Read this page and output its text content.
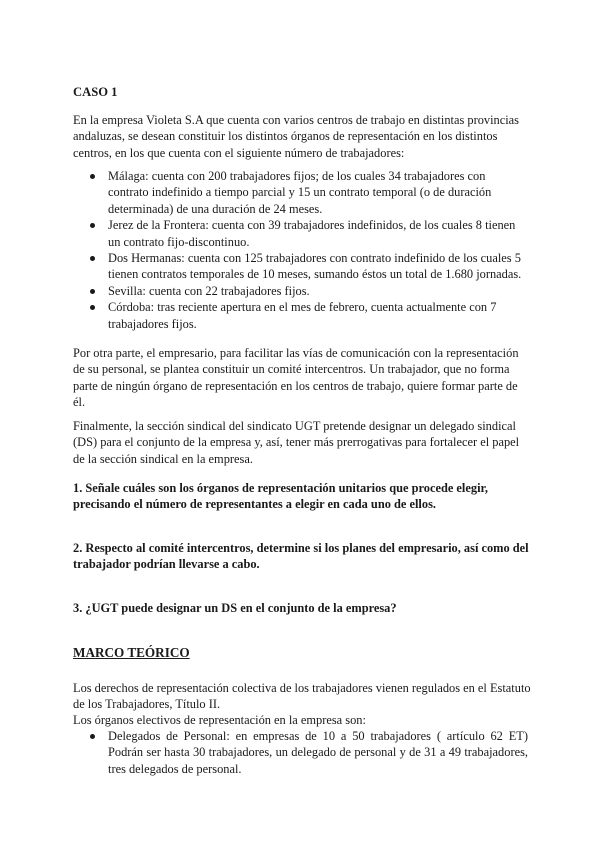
CASO 1

En la empresa Violeta S.A que cuenta con varios centros de trabajo en distintas provincias andaluzas, se desean constituir los distintos órganos de representación en los distintos centros, en los que cuenta con el siguiente número de trabajadores:

Málaga: cuenta con 200 trabajadores fijos; de los cuales 34 trabajadores con contrato indefinido a tiempo parcial y 15 un contrato temporal (o de duración determinada) de una duración de 24 meses.
Jerez de la Frontera: cuenta con 39 trabajadores indefinidos, de los cuales 8 tienen un contrato fijo-discontinuo.
Dos Hermanas: cuenta con 125 trabajadores con contrato indefinido de los cuales 5 tienen contratos temporales de 10 meses, sumando éstos un total de 1.680 jornadas.
Sevilla: cuenta con 22 trabajadores fijos.
Córdoba: tras reciente apertura en el mes de febrero, cuenta actualmente con 7 trabajadores fijos.

Por otra parte, el empresario, para facilitar las vías de comunicación con la representación de su personal, se plantea constituir un comité intercentros. Un trabajador, que no forma parte de ningún órgano de representación en los centros de trabajo, quiere formar parte de él.

Finalmente, la sección sindical del sindicato UGT pretende designar un delegado sindical (DS) para el conjunto de la empresa y, así, tener más prerrogativas para fortalecer el papel de la sección sindical en la empresa.

1. Señale cuáles son los órganos de representación unitarios que procede elegir, precisando el número de representantes a elegir en cada uno de ellos.

2. Respecto al comité intercentros, determine si los planes del empresario, así como del trabajador podrían llevarse a cabo.

3. ¿UGT puede designar un DS en el conjunto de la empresa?

MARCO TEÓRICO

Los derechos de representación colectiva de los trabajadores vienen regulados en el Estatuto de los Trabajadores, Título II.

Los órganos electivos de representación en la empresa son:

Delegados de Personal: en empresas de 10 a 50 trabajadores ( artículo 62 ET) Podrán ser hasta 30 trabajadores, un delegado de personal y de 31 a 49 trabajadores, tres delegados de personal.
